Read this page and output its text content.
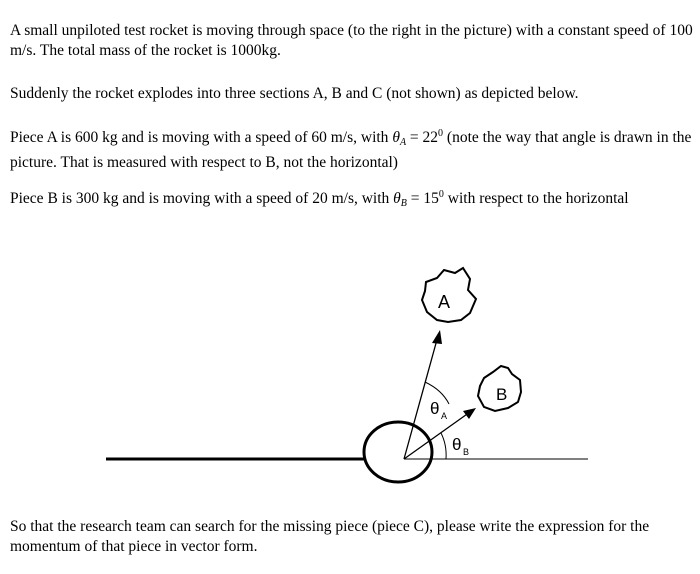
A small unpiloted test rocket is moving through space (to the right in the picture) with a constant speed of 100 m/s. The total mass of the rocket is 1000kg.

Suddenly the rocket explodes into three sections A, B and C (not shown) as depicted below.

Piece A is 600 kg and is moving with a speed of 60 m/s, with $\theta_A = 22^0$ (note the way that angle is drawn in the picture. That is measured with respect to B, not the horizontal)

Piece B is 300 kg and is moving with a speed of 20 m/s, with $\theta_B = 15^0$ with respect to the horizontal

A
B
θ A
θ B

So that the research team can search for the missing piece (piece C), please write the expression for the momentum of that piece in vector form.
